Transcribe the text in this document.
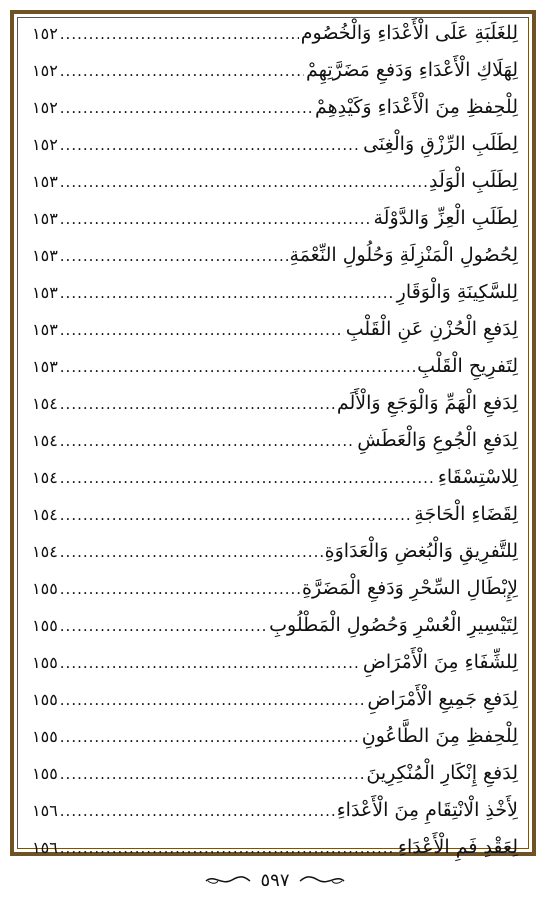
لِلغَلَبَةِ عَلَى الْأَعْدَاءِ وَالْخُصُوم
.....
١٥٢
لِهَلَاكِ الْأَعْدَاءِ وَدَفعِ مَضَرَّتِهِمْ
.....
١٥٢
لِلْحِفظِ مِنَ الْأَعْدَاءِ وَكَيْدِهِمْ
.....
١٥٢
لِطَلَبِ الرِّزْقِ وَالْغِنَى
.....
١٥٢
لِطَلَبِ الْوَلَدِ
.....
١٥٣
لِطَلَبِ الْعِزِّ وَالدَّوْلَة
.....
١٥٣
لِحُصُولِ الْمَنْزِلَةِ وَحُلُولِ النِّعْمَةِ
.....
١٥٣
لِلسَّكِينَةِ وَالْوَقَارِ
.....
١٥٣
لِدَفعِ الْحُزْنِ عَنِ الْقَلْبِ
.....
١٥٣
لِتَفرِيحِ الْقَلْبِ
.....
١٥٣
لِدَفعِ الْهَمِّ وَالْوَجَعِ وَالْأَلَم
.....
١٥٤
لِدَفعِ الْجُوعِ وَالْعَطَشِ
.....
١٥٤
لِلاسْتِسْقَاءِ
.....
١٥٤
لِقَضَاءِ الْحَاجَةِ
.....
١٥٤
لِلتَّفرِيقِ وَالْبُغضِ وَالْعَدَاوَةِ
.....
١٥٤
لِإِبْطَالِ السِّحْرِ وَدَفعِ الْمَضَرَّةِ
.....
١٥٥
لِتَيْسِيرِ الْعُسْرِ وَحُصُولِ الْمَطْلُوبِ
.....
١٥٥
لِلشِّفَاءِ مِنَ الْأَمْرَاضِ
.....
١٥٥
لِدَفعِ جَمِيعِ الْأَمْرَاضِ
.....
١٥٥
لِلْحِفظِ مِنَ الطَّاعُونِ
.....
١٥٥
لِدَفعِ إِنْكَارِ الْمُنْكِرِينَ
.....
١٥٥
لِأَخْذِ الْانْتِقَامِ مِنَ الْأَعْدَاءِ
.....
١٥٦
لِعَقْدِ فَمِ الْأَعْدَاءِ
.....
١٥٦
٥٩٧
